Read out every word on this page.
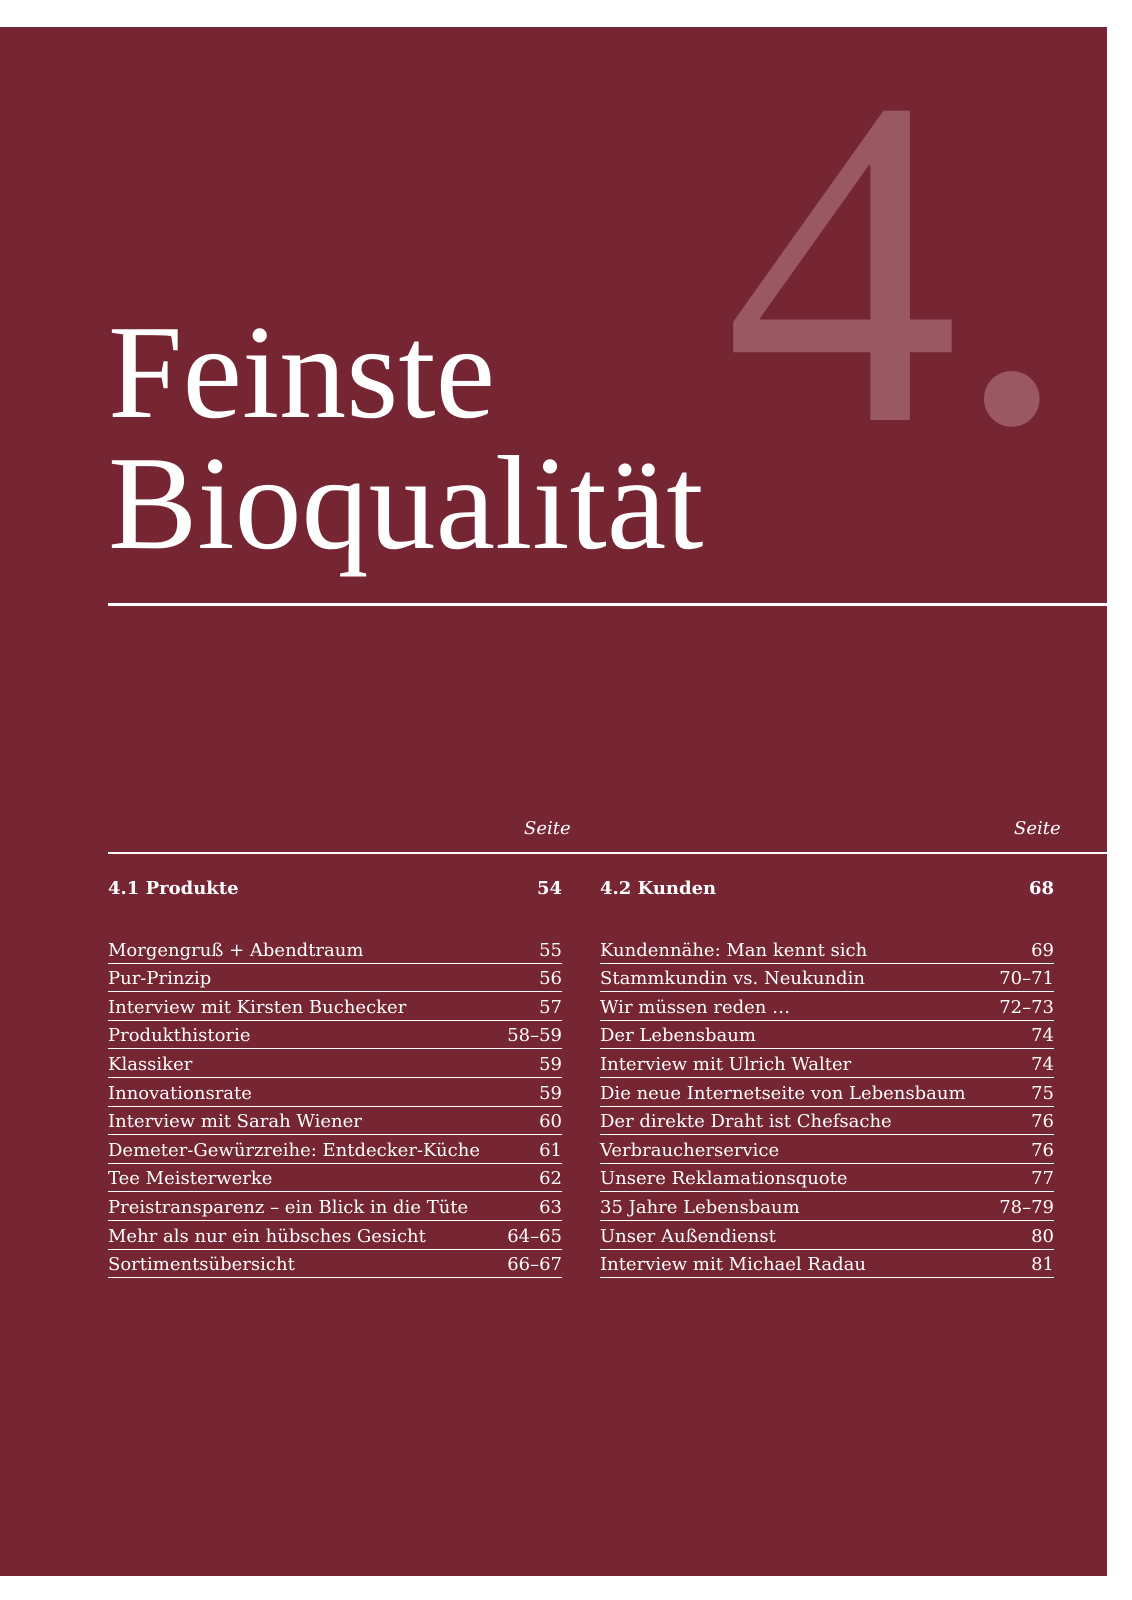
4.
Feinste
Bioqualität
Seite	Seite
4.1 Produkte	54
Morgengruß + Abendtraum	55
Pur-Prinzip	56
Interview mit Kirsten Buchecker	57
Produkthistorie	58–59
Klassiker	59
Innovationsrate	59
Interview mit Sarah Wiener	60
Demeter-Gewürzreihe: Entdecker-Küche	61
Tee Meisterwerke	62
Preistransparenz – ein Blick in die Tüte	63
Mehr als nur ein hübsches Gesicht	64–65
Sortimentsübersicht	66–67
4.2 Kunden	68
Kundennähe: Man kennt sich	69
Stammkundin vs. Neukundin	70–71
Wir müssen reden …	72–73
Der Lebensbaum	74
Interview mit Ulrich Walter	74
Die neue Internetseite von Lebensbaum	75
Der direkte Draht ist Chefsache	76
Verbraucherservice	76
Unsere Reklamationsquote	77
35 Jahre Lebensbaum	78–79
Unser Außendienst	80
Interview mit Michael Radau	81
